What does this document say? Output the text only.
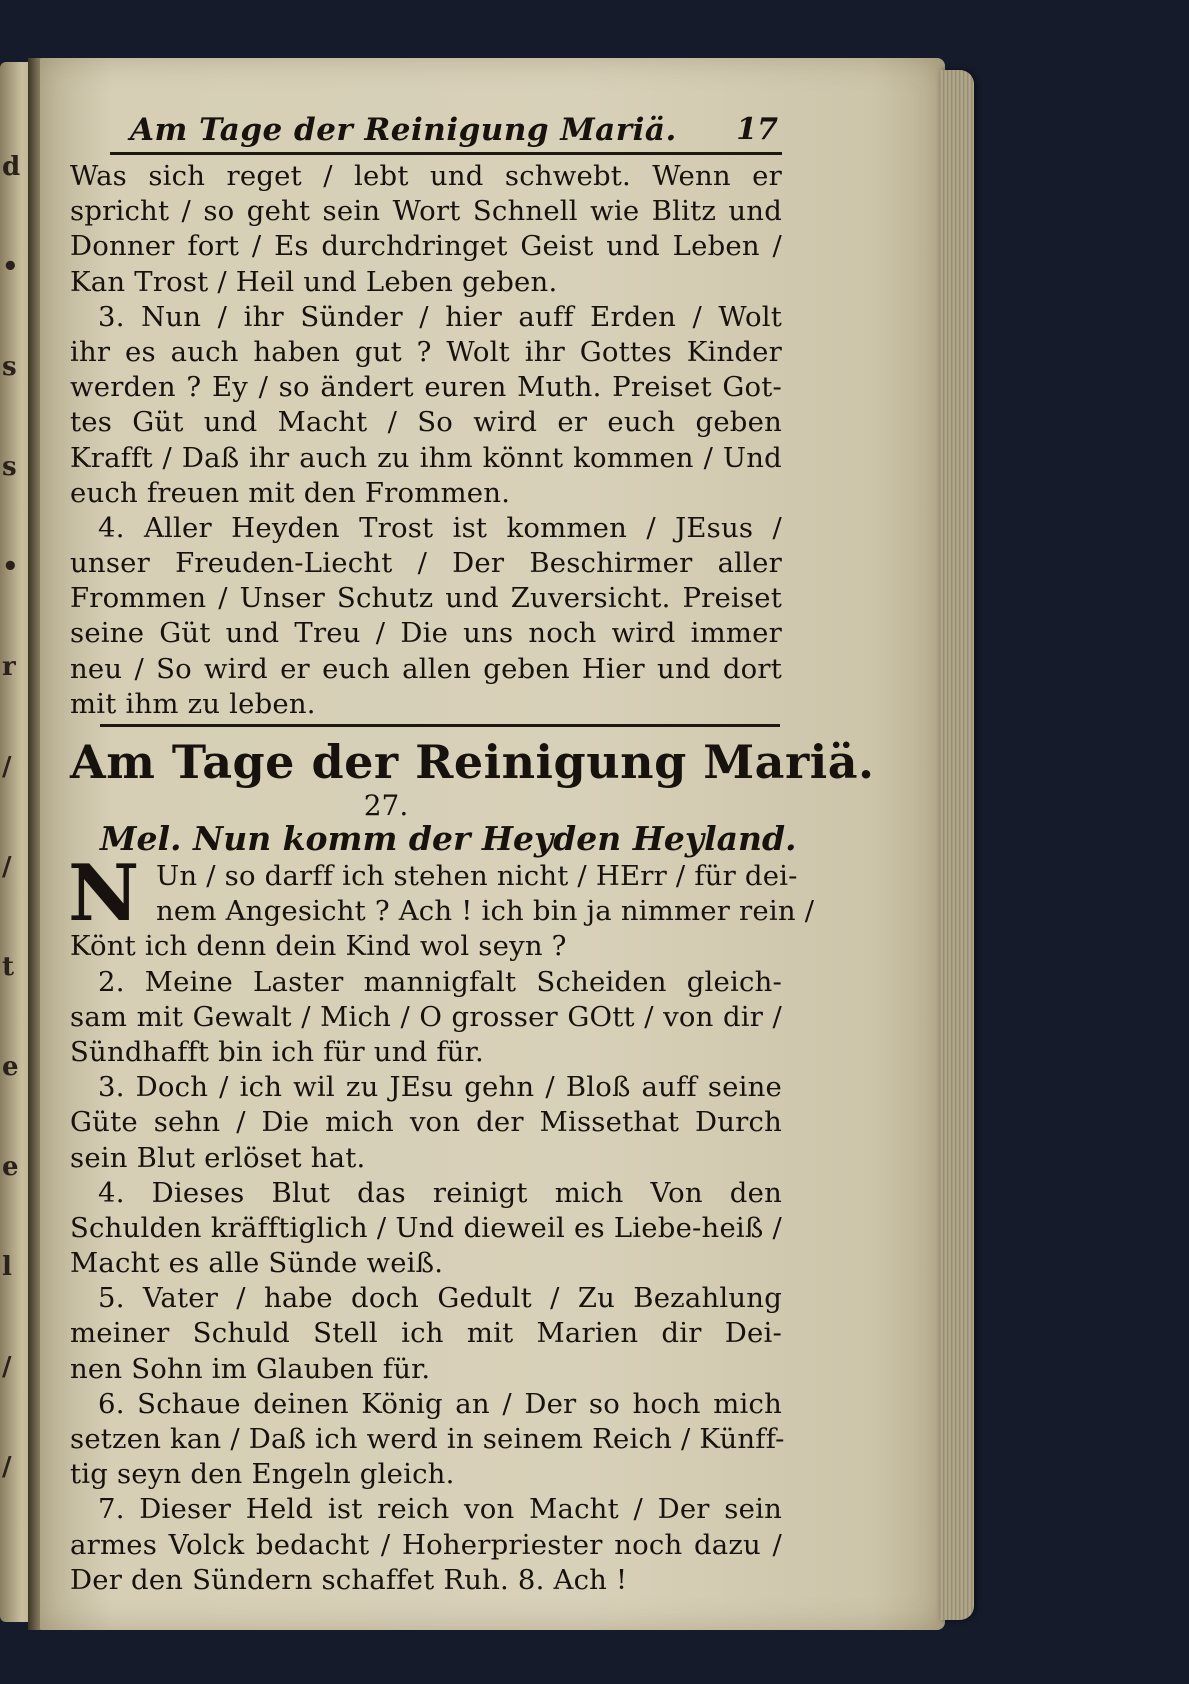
d
•
s
s
•
r
/
/
t
e
e
l
/
/
Am Tage der Reinigung Mariä. 17
Was sich reget / lebt und schwebt. Wenn er
spricht / so geht sein Wort Schnell wie Blitz und
Donner fort / Es durchdringet Geist und Leben /
Kan Trost / Heil und Leben geben.
3. Nun / ihr Sünder / hier auff Erden / Wolt
ihr es auch haben gut ? Wolt ihr Gottes Kinder
werden ? Ey / so ändert euren Muth. Preiset Got-
tes Güt und Macht / So wird er euch geben
Krafft / Daß ihr auch zu ihm könnt kommen / Und
euch freuen mit den Frommen.
4. Aller Heyden Trost ist kommen / JEsus /
unser Freuden-Liecht / Der Beschirmer aller
Frommen / Unser Schutz und Zuversicht. Preiset
seine Güt und Treu / Die uns noch wird immer
neu / So wird er euch allen geben Hier und dort
mit ihm zu leben.
Am Tage der Reinigung Mariä.
27.
Mel. Nun komm der Heyden Heyland.
N Un / so darff ich stehen nicht / HErr / für dei-
nem Angesicht ? Ach ! ich bin ja nimmer rein /
Könt ich denn dein Kind wol seyn ?
2. Meine Laster mannigfalt Scheiden gleich-
sam mit Gewalt / Mich / O grosser GOtt / von dir /
Sündhafft bin ich für und für.
3. Doch / ich wil zu JEsu gehn / Bloß auff seine
Güte sehn / Die mich von der Missethat Durch
sein Blut erlöset hat.
4. Dieses Blut das reinigt mich Von den
Schulden kräfftiglich / Und dieweil es Liebe-heiß /
Macht es alle Sünde weiß.
5. Vater / habe doch Gedult / Zu Bezahlung
meiner Schuld Stell ich mit Marien dir Dei-
nen Sohn im Glauben für.
6. Schaue deinen König an / Der so hoch mich
setzen kan / Daß ich werd in seinem Reich / Künff-
tig seyn den Engeln gleich.
7. Dieser Held ist reich von Macht / Der sein
armes Volck bedacht / Hoherpriester noch dazu /
Der den Sündern schaffet Ruh. 8. Ach !
